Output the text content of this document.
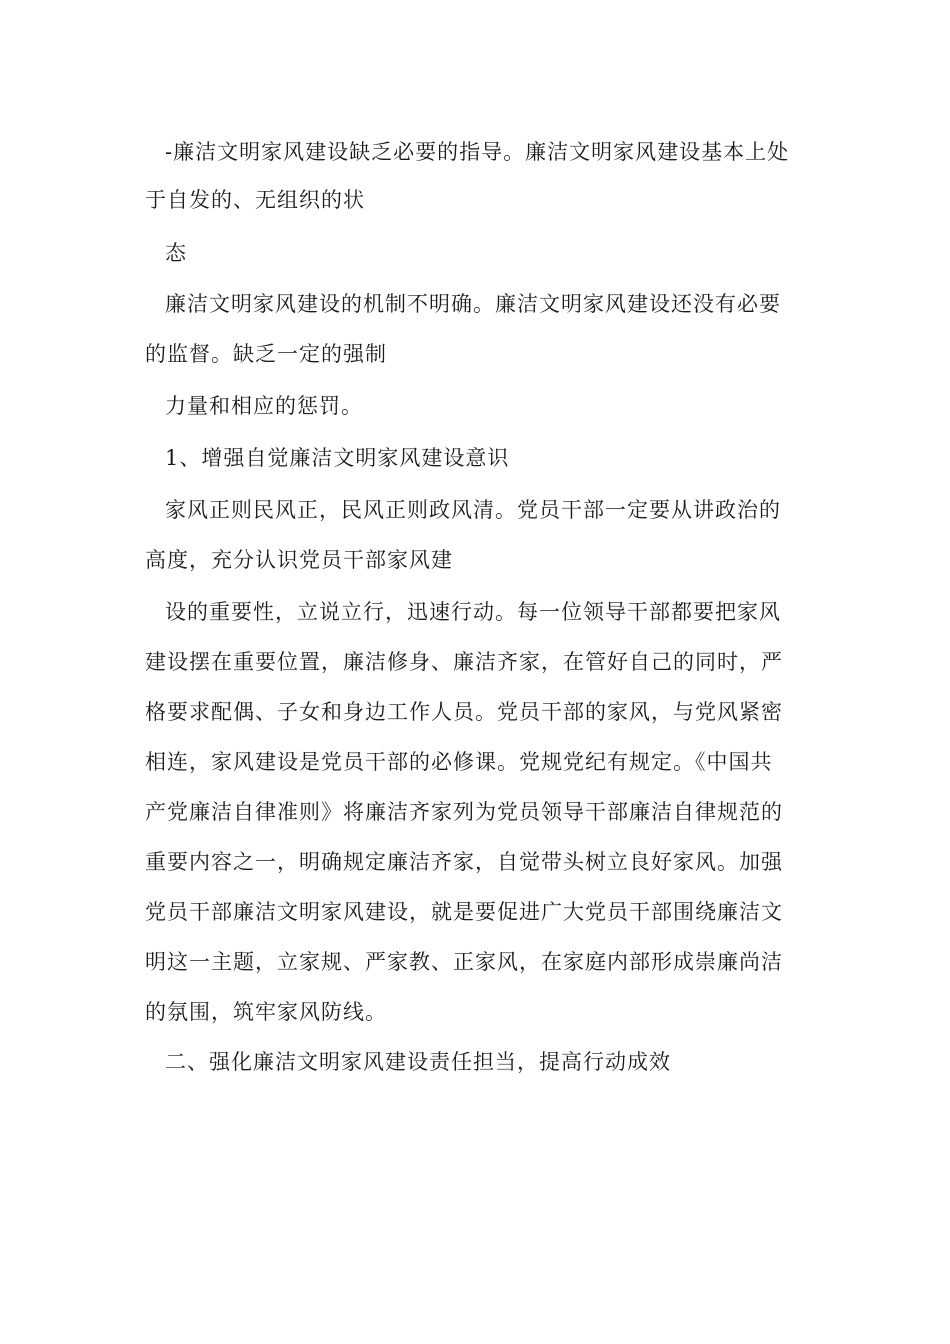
-廉洁文明家风建设缺乏必要的指导。廉洁文明家风建设基本上处
于自发的、无组织的状
态
廉洁文明家风建设的机制不明确。廉洁文明家风建设还没有必要
的监督。缺乏一定的强制
力量和相应的惩罚。
1、增强自觉廉洁文明家风建设意识
家风正则民风正，民风正则政风清。党员干部一定要从讲政治的
高度，充分认识党员干部家风建
设的重要性，立说立行，迅速行动。每一位领导干部都要把家风
建设摆在重要位置，廉洁修身、廉洁齐家，在管好自己的同时，严
格要求配偶、子女和身边工作人员。党员干部的家风，与党风紧密
相连，家风建设是党员干部的必修课。党规党纪有规定。《中国共
产党廉洁自律准则》将廉洁齐家列为党员领导干部廉洁自律规范的
重要内容之一，明确规定廉洁齐家，自觉带头树立良好家风。加强
党员干部廉洁文明家风建设，就是要促进广大党员干部围绕廉洁文
明这一主题，立家规、严家教、正家风，在家庭内部形成崇廉尚洁
的氛围，筑牢家风防线。
二、强化廉洁文明家风建设责任担当，提高行动成效
